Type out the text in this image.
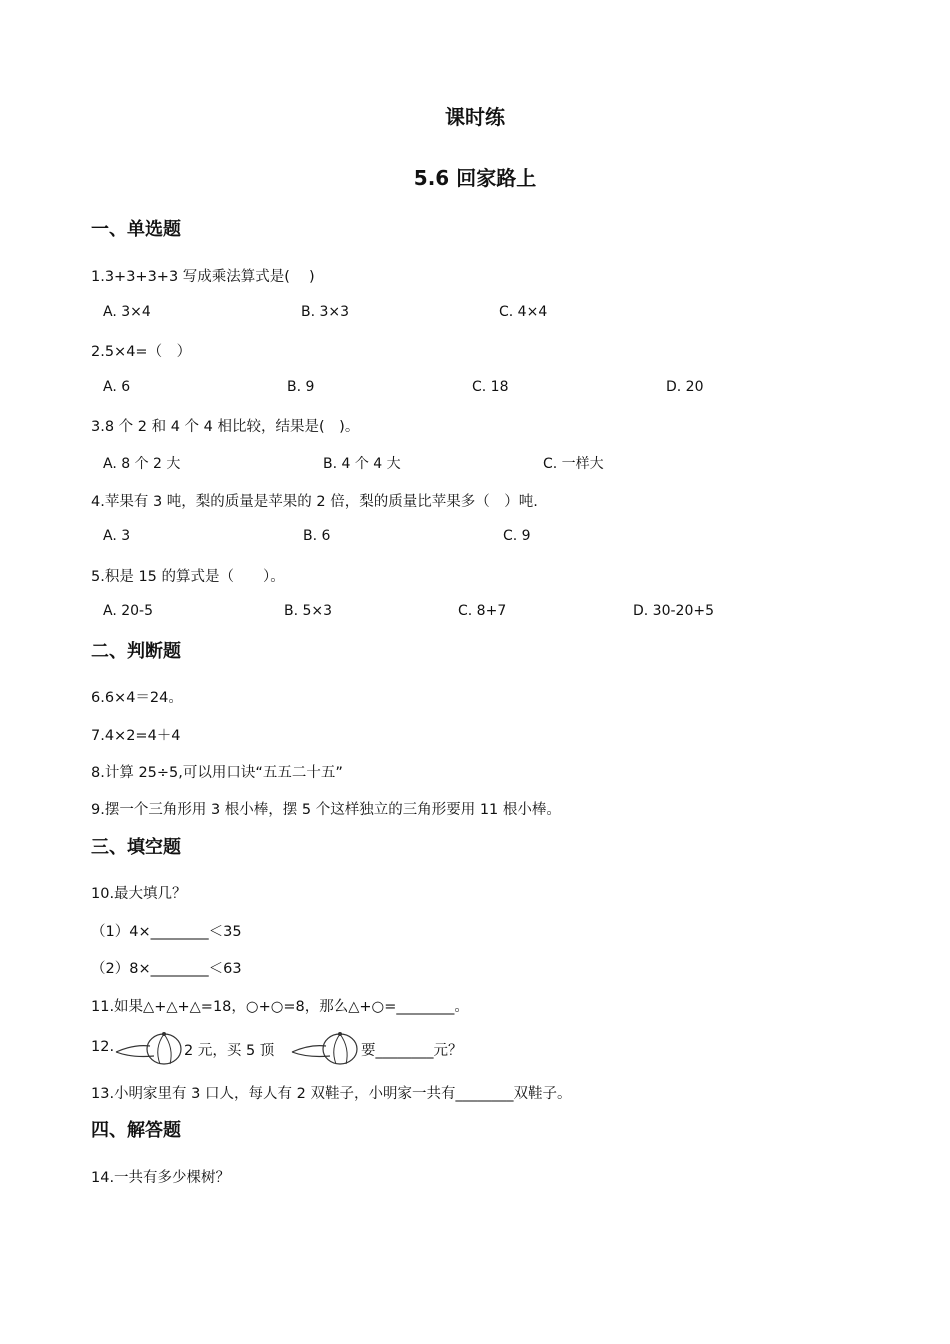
课时练
5.6 回家路上
一、单选题
1.3+3+3+3 写成乘法算式是(　 )
A. 3×4	B. 3×3	C. 4×4
2.5×4=（　）
A. 6	B. 9	C. 18	D. 20
3.8 个 2 和 4 个 4 相比较，结果是(　)。
A. 8 个 2 大	B. 4 个 4 大	C. 一样大
4.苹果有 3 吨，梨的质量是苹果的 2 倍，梨的质量比苹果多（　）吨.
A. 3	B. 6	C. 9
5.积是 15 的算式是（　　）。
A. 20-5	B. 5×3	C. 8+7	D. 30-20+5
二、判断题
6.6×4＝24。
7.4×2=4＋4
8.计算 25÷5,可以用口诀“五五二十五”
9.摆一个三角形用 3 根小棒，摆 5 个这样独立的三角形要用 11 根小棒。
三、填空题
10.最大填几？
（1）4×________＜35
（2）8×________＜63
11.如果△+△+△=18，○+○=8，那么△+○=________。
12.	2 元，买 5 顶	要________元？
13.小明家里有 3 口人，每人有 2 双鞋子，小明家一共有________双鞋子。
四、解答题
14.一共有多少棵树？
